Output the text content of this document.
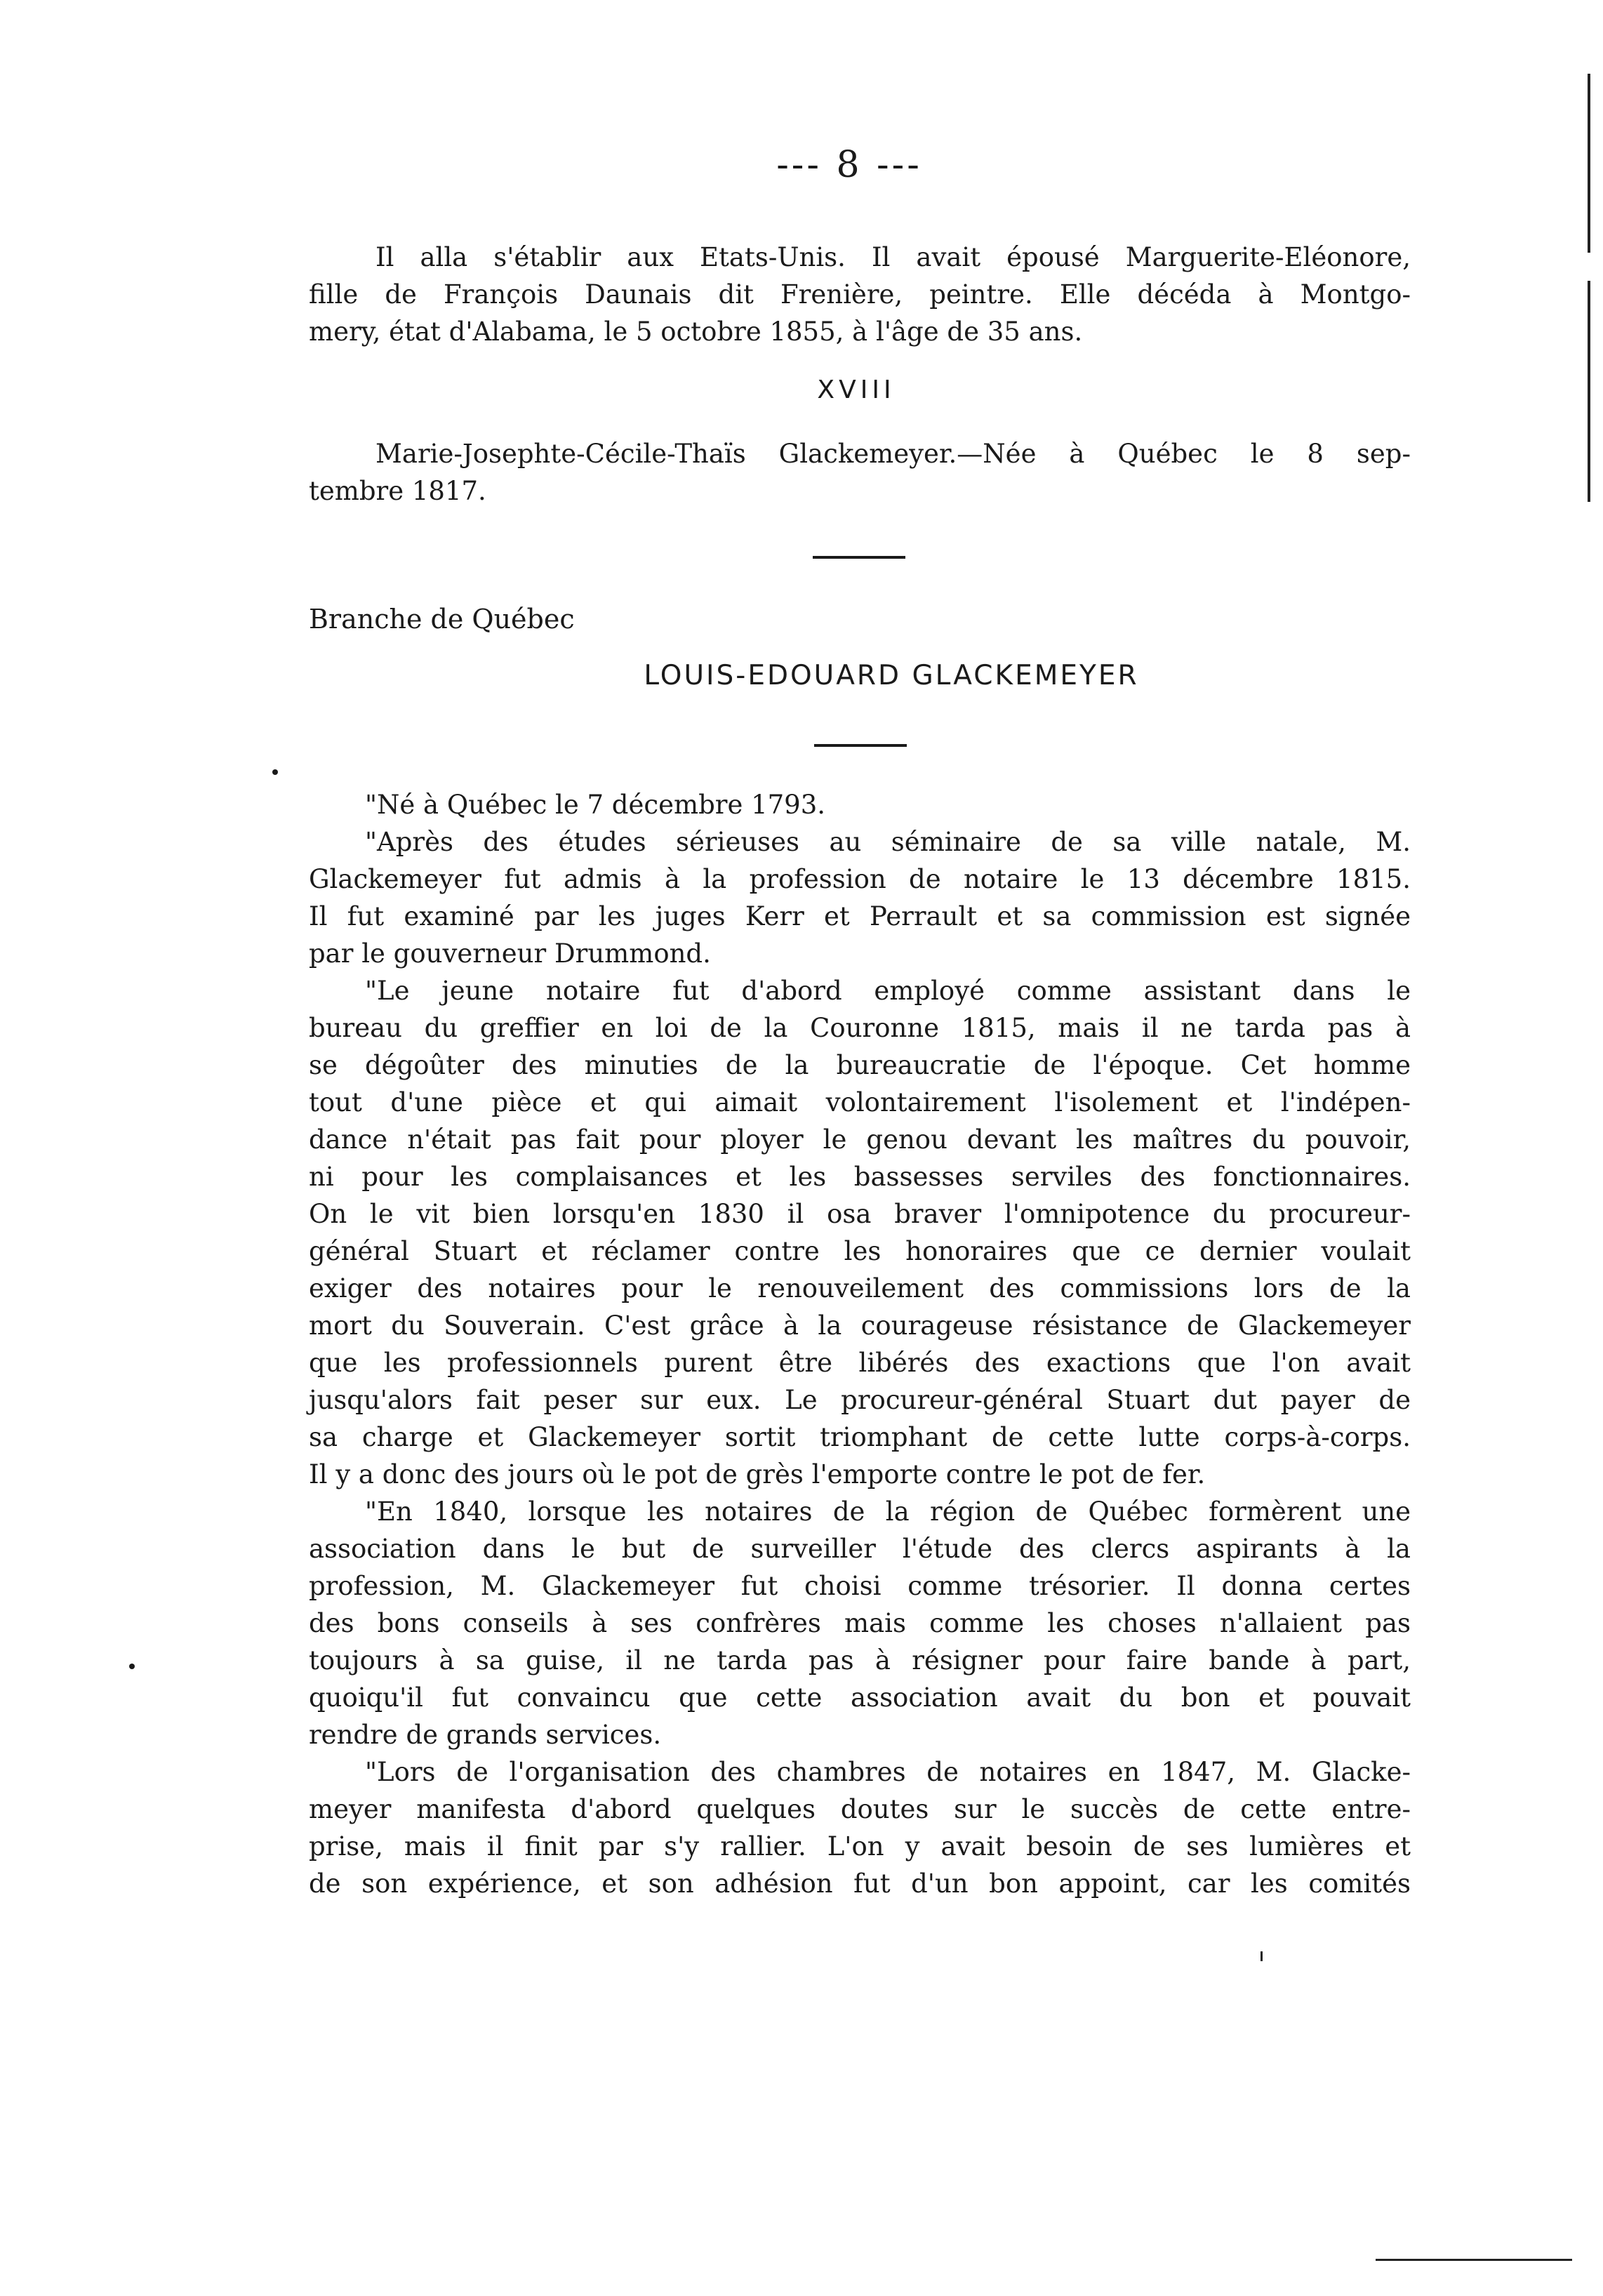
--- 8 ---
Il alla s'établir aux Etats-Unis. Il avait épousé Marguerite-Eléonore,
fille de François Daunais dit Frenière, peintre. Elle décéda à Montgo-
mery, état d'Alabama, le 5 octobre 1855, à l'âge de 35 ans.
XVIII
Marie-Josephte-Cécile-Thaïs Glackemeyer.—Née à Québec le 8 sep-
tembre 1817.
Branche de Québec
LOUIS-EDOUARD GLACKEMEYER
"Né à Québec le 7 décembre 1793.
"Après des études sérieuses au séminaire de sa ville natale, M.
Glackemeyer fut admis à la profession de notaire le 13 décembre 1815.
Il fut examiné par les juges Kerr et Perrault et sa commission est signée
par le gouverneur Drummond.
"Le jeune notaire fut d'abord employé comme assistant dans le
bureau du greffier en loi de la Couronne 1815, mais il ne tarda pas à
se dégoûter des minuties de la bureaucratie de l'époque. Cet homme
tout d'une pièce et qui aimait volontairement l'isolement et l'indépen-
dance n'était pas fait pour ployer le genou devant les maîtres du pouvoir,
ni pour les complaisances et les bassesses serviles des fonctionnaires.
On le vit bien lorsqu'en 1830 il osa braver l'omnipotence du procureur-
général Stuart et réclamer contre les honoraires que ce dernier voulait
exiger des notaires pour le renouveilement des commissions lors de la
mort du Souverain. C'est grâce à la courageuse résistance de Glackemeyer
que les professionnels purent être libérés des exactions que l'on avait
jusqu'alors fait peser sur eux. Le procureur-général Stuart dut payer de
sa charge et Glackemeyer sortit triomphant de cette lutte corps-à-corps.
Il y a donc des jours où le pot de grès l'emporte contre le pot de fer.
"En 1840, lorsque les notaires de la région de Québec formèrent une
association dans le but de surveiller l'étude des clercs aspirants à la
profession, M. Glackemeyer fut choisi comme trésorier. Il donna certes
des bons conseils à ses confrères mais comme les choses n'allaient pas
toujours à sa guise, il ne tarda pas à résigner pour faire bande à part,
quoiqu'il fut convaincu que cette association avait du bon et pouvait
rendre de grands services.
"Lors de l'organisation des chambres de notaires en 1847, M. Glacke-
meyer manifesta d'abord quelques doutes sur le succès de cette entre-
prise, mais il finit par s'y rallier. L'on y avait besoin de ses lumières et
de son expérience, et son adhésion fut d'un bon appoint, car les comités
